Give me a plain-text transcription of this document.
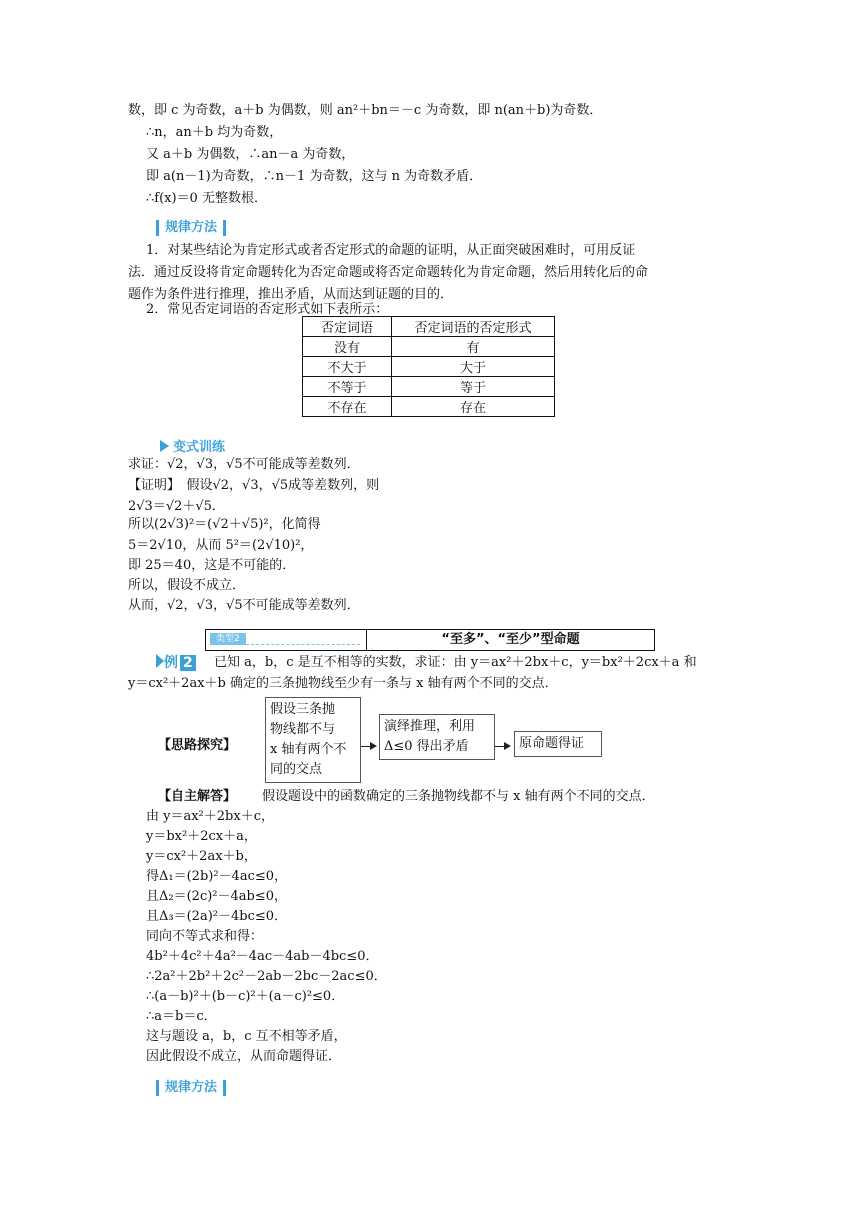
数，即 c 为奇数，a＋b 为偶数，则 an²＋bn＝－c 为奇数，即 n(an＋b)为奇数．
∴n，an＋b 均为奇数，
又 a＋b 为偶数，∴an－a 为奇数，
即 a(n－1)为奇数，∴n－1 为奇数，这与 n 为奇数矛盾．
∴f(x)＝0 无整数根．
规律方法
1．对某些结论为肯定形式或者否定形式的命题的证明，从正面突破困难时，可用反证
法．通过反设将肯定命题转化为否定命题或将否定命题转化为肯定命题，然后用转化后的命
题作为条件进行推理，推出矛盾，从而达到证题的目的．
2．常见否定词语的否定形式如下表所示：
否定词语	否定词语的否定形式
没有	有
不大于	大于
不等于	等于
不存在	存在
变式训练
求证：√2，√3，√5不可能成等差数列．
【证明】　假设√2，√3，√5成等差数列，则
2√3＝√2＋√5．
所以(2√3)²＝(√2＋√5)²，化简得
5＝2√10，从而 5²＝(2√10)²，
即 25＝40，这是不可能的．
所以，假设不成立．
从而，√2，√3，√5不可能成等差数列．
类型2	“至多”、“至少”型命题
例 2 已知 a，b，c 是互不相等的实数，求证：由 y＝ax²＋2bx＋c，y＝bx²＋2cx＋a 和
y＝cx²＋2ax＋b 确定的三条抛物线至少有一条与 x 轴有两个不同的交点．
【思路探究】
假设三条抛
物线都不与
x 轴有两个不
同的交点
演绎推理，利用
Δ≤0 得出矛盾	原命题得证
【自主解答】 假设题设中的函数确定的三条抛物线都不与 x 轴有两个不同的交点．
由 y＝ax²＋2bx＋c，
y＝bx²＋2cx＋a，
y＝cx²＋2ax＋b，
得Δ₁＝(2b)²－4ac≤0，
且Δ₂＝(2c)²－4ab≤0，
且Δ₃＝(2a)²－4bc≤0．
同向不等式求和得：
4b²＋4c²＋4a²－4ac－4ab－4bc≤0．
∴2a²＋2b²＋2c²－2ab－2bc－2ac≤0．
∴(a－b)²＋(b－c)²＋(a－c)²≤0．
∴a＝b＝c．
这与题设 a，b，c 互不相等矛盾，
因此假设不成立，从而命题得证．
规律方法
